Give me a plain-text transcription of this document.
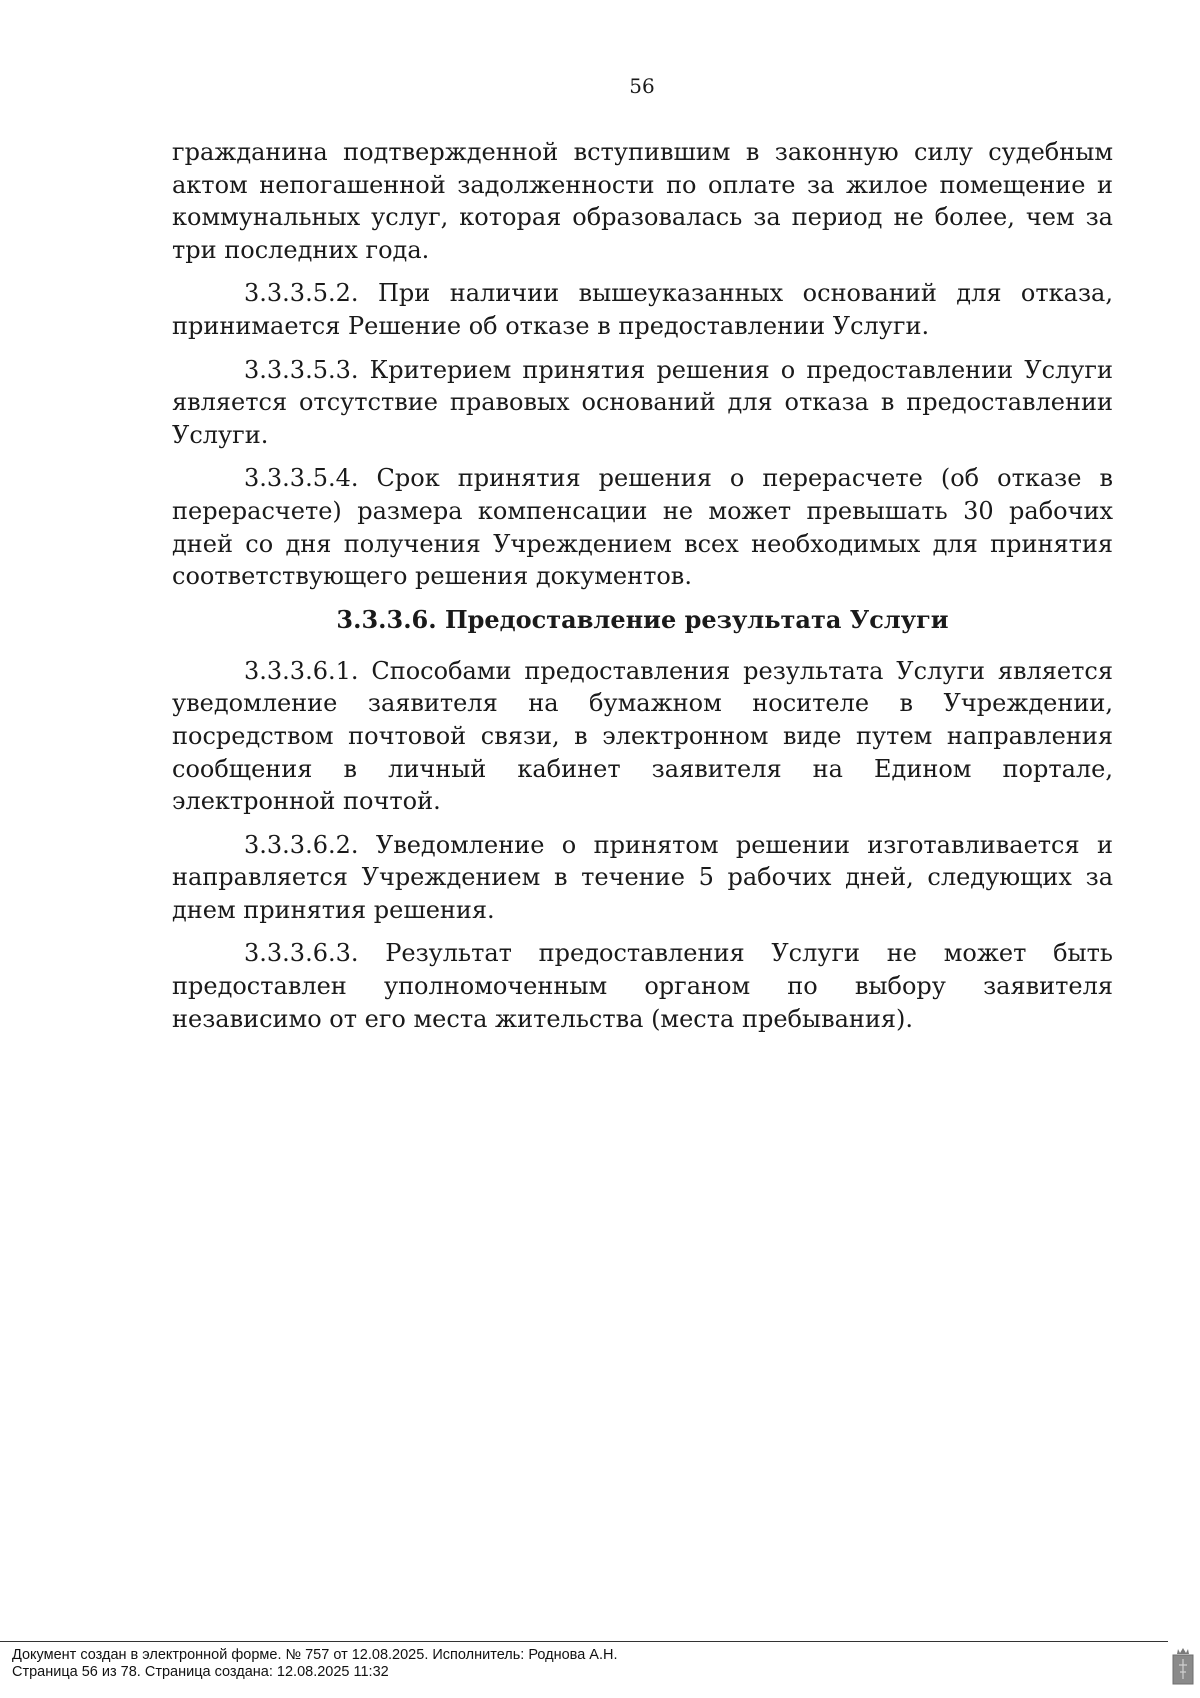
56

гражданина подтвержденной вступившим в законную силу судебным актом непогашенной задолженности по оплате за жилое помещение и коммунальных услуг, которая образовалась за период не более, чем за три последних года.

3.3.3.5.2. При наличии вышеуказанных оснований для отказа, принимается Решение об отказе в предоставлении Услуги.

3.3.3.5.3. Критерием принятия решения о предоставлении Услуги является отсутствие правовых оснований для отказа в предоставлении Услуги.

3.3.3.5.4. Срок принятия решения о перерасчете (об отказе в перерасчете) размера компенсации не может превышать 30 рабочих дней со дня получения Учреждением всех необходимых для принятия соответствующего решения документов.

3.3.3.6. Предоставление результата Услуги

3.3.3.6.1. Способами предоставления результата Услуги является уведомление заявителя на бумажном носителе в Учреждении, посредством почтовой связи, в электронном виде путем направления сообщения в личный кабинет заявителя на Едином портале, электронной почтой.

3.3.3.6.2. Уведомление о принятом решении изготавливается и направляется Учреждением в течение 5 рабочих дней, следующих за днем принятия решения.

3.3.3.6.3. Результат предоставления Услуги не может быть предоставлен уполномоченным органом по выбору заявителя независимо от его места жительства (места пребывания).

Документ создан в электронной форме. № 757 от 12.08.2025. Исполнитель: Роднова А.Н.
Страница 56 из 78. Страница создана: 12.08.2025 11:32
